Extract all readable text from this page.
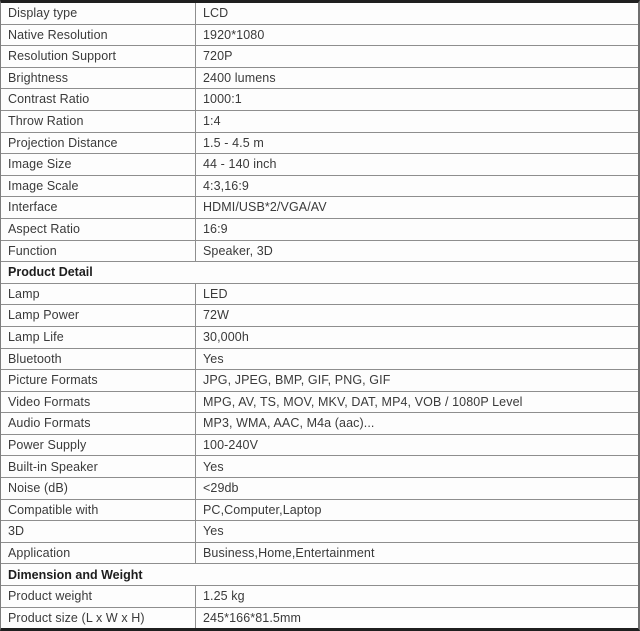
Display type	LCD
Native Resolution	1920*1080
Resolution Support	720P
Brightness	2400 lumens
Contrast Ratio	1000:1
Throw Ration	1:4
Projection Distance	1.5 - 4.5 m
Image Size	44 - 140 inch
Image Scale	4:3,16:9
Interface	HDMI/USB*2/VGA/AV
Aspect Ratio	16:9
Function	Speaker, 3D
Product Detail
Lamp	LED
Lamp Power	72W
Lamp Life	30,000h
Bluetooth	Yes
Picture Formats	JPG, JPEG, BMP, GIF, PNG, GIF
Video Formats	MPG, AV, TS, MOV, MKV, DAT, MP4, VOB / 1080P Level
Audio Formats	MP3, WMA, AAC, M4a (aac)...
Power Supply	100-240V
Built-in Speaker	Yes
Noise (dB)	<29db
Compatible with	PC,Computer,Laptop
3D	Yes
Application	Business,Home,Entertainment
Dimension and Weight
Product weight	1.25 kg
Product size (L x W x H)	245*166*81.5mm
